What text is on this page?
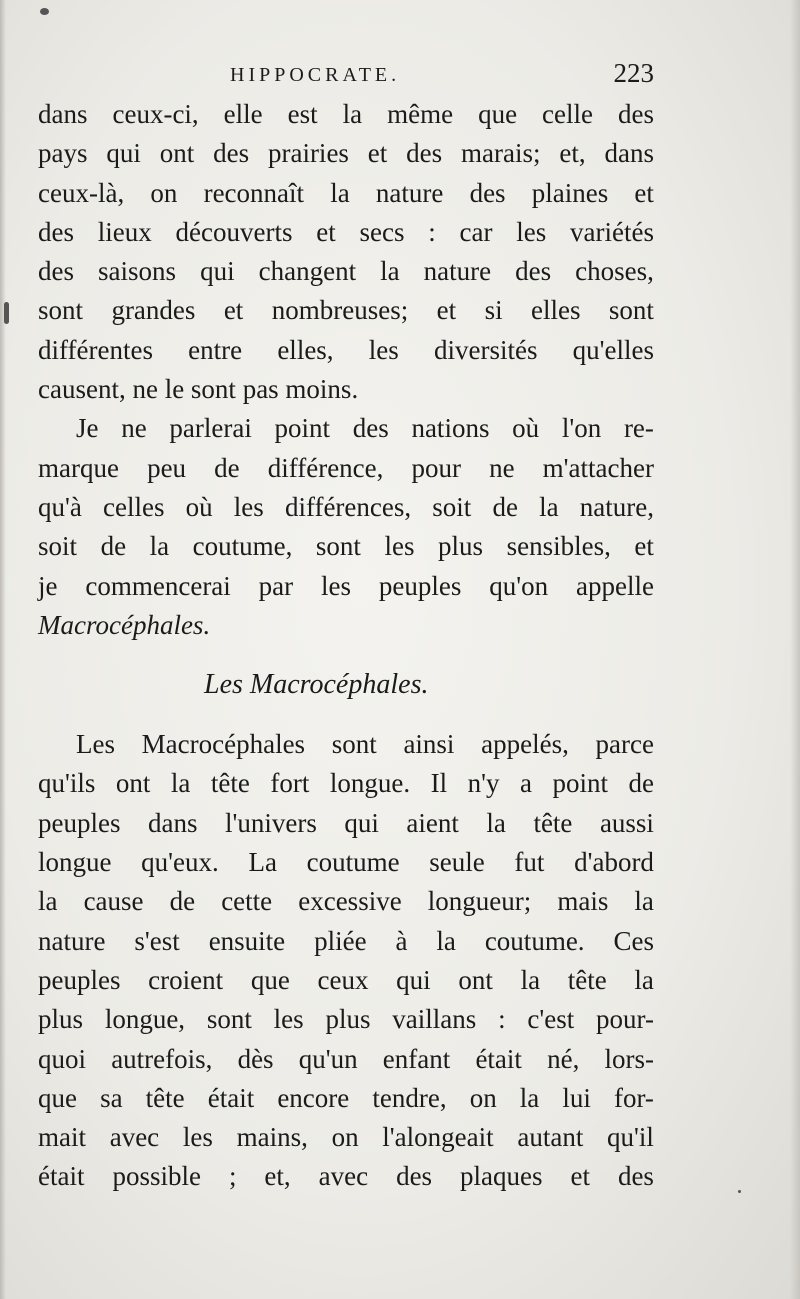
HIPPOCRATE.	223
dans ceux-ci, elle est la même que celle des
pays qui ont des prairies et des marais; et, dans
ceux-là, on reconnaît la nature des plaines et
des lieux découverts et secs : car les variétés
des saisons qui changent la nature des choses,
sont grandes et nombreuses; et si elles sont
différentes entre elles, les diversités qu'elles
causent, ne le sont pas moins.
Je ne parlerai point des nations où l'on re-
marque peu de différence, pour ne m'attacher
qu'à celles où les différences, soit de la nature,
soit de la coutume, sont les plus sensibles, et
je commencerai par les peuples qu'on appelle
Macrocéphales.
Les Macrocéphales.
Les Macrocéphales sont ainsi appelés, parce
qu'ils ont la tête fort longue. Il n'y a point de
peuples dans l'univers qui aient la tête aussi
longue qu'eux. La coutume seule fut d'abord
la cause de cette excessive longueur; mais la
nature s'est ensuite pliée à la coutume. Ces
peuples croient que ceux qui ont la tête la
plus longue, sont les plus vaillans : c'est pour-
quoi autrefois, dès qu'un enfant était né, lors-
que sa tête était encore tendre, on la lui for-
mait avec les mains, on l'alongeait autant qu'il
était possible ; et, avec des plaques et des
